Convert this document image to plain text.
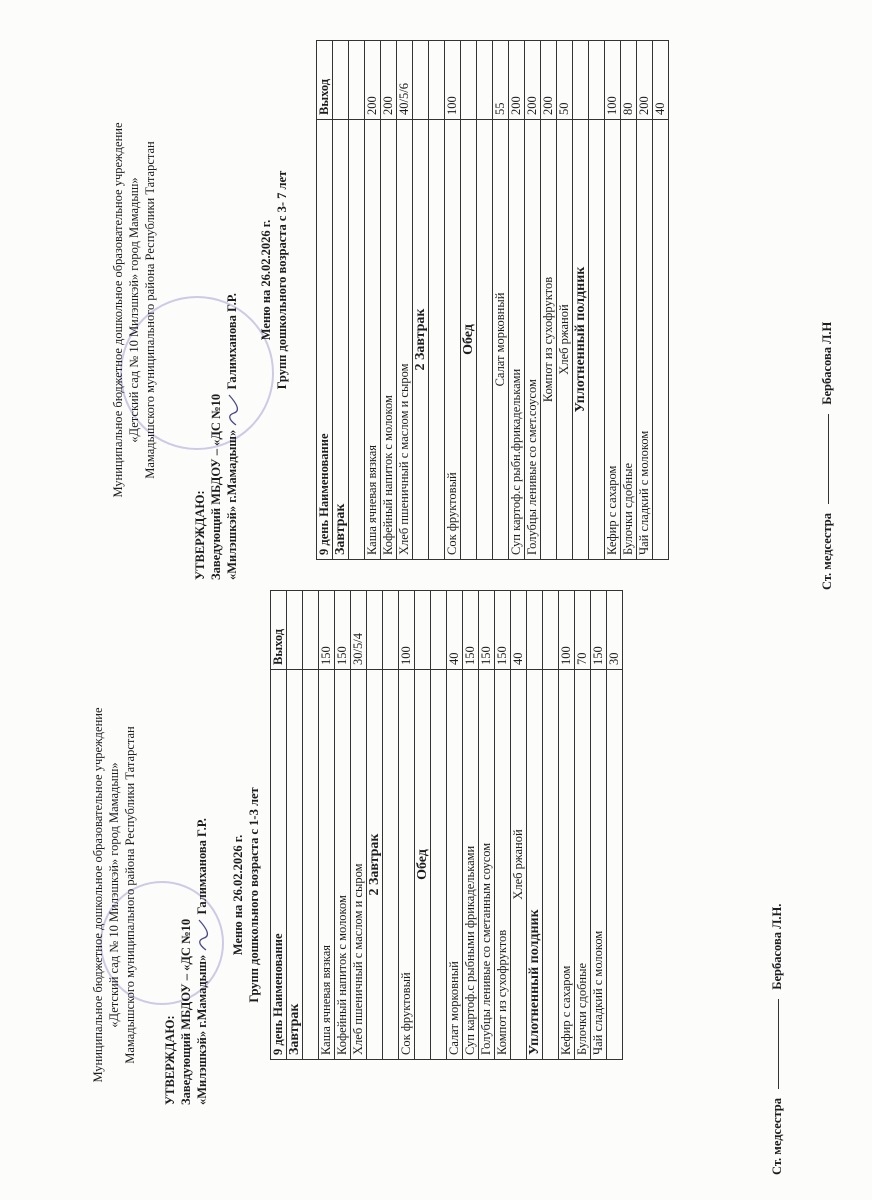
Муниципальное бюджетное дошкольное образовательное учреждение «Детский сад № 10 Милэшкэй» город Мамадыш» Мамадышского муниципального района Республики Татарстан УТВЕРЖДАЮ: Заведующий МБДОУ – «ДС №10 «Милэшкэй» г.Мамадыш»  Галимханова Г.Р. Меню на 26.02.2026 г. Групп дошкольного возраста с 1-3 лет 9 день Наименование	Выход
Завтрак	

Каша ячневая вязкая	150
Кофейный напиток с молоком	150
Хлеб пшеничный с маслом и сыром	30/5/4
2 Завтрак	

Сок фруктовый	100
Обед	

Салат морковный	40
Суп картоф.с рыбными фрикадельками	150
Голубцы ленивые со сметанным соусом	150
Компот из сухофруктов	150
Хлеб ржаной	40
Уплотненный полдник	

Кефир с сахаром	100
Булочки сдобные	70
Чай сладкий с молоком	150
	30
Ст. медсестра  Бербасова Л.Н.
Муниципальное бюджетное дошкольное образовательное учреждение «Детский сад № 10 Милэшкэй» город Мамадыш» Мамадышского муниципального района Республики Татарстан
УТВЕРЖДАЮ: Заведующий МБДОУ – «ДС №10 «Милэшкэй» г.Мамадыш»  Галимханова Г.Р.
Меню на 26.02.2026 г. Групп дошкольного возраста с 3- 7 лет
9 день Наименование	Выход
Завтрак	

Каша ячневая вязкая	200
Кофейный напиток с молоком	200
Хлеб пшеничный с маслом и сыром	40/5/6
2 Завтрак	

Сок фруктовый	100
Обед	

Салат морковный	55
Суп картоф.с рыбн.фрикадельками	200
Голубцы ленивые со смет.соусом	200
Компот из сухофруктов	200
Хлеб ржаной	50
Уплотненный полдник	

Кефир с сахаром	100
Булочки сдобные	80
Чай сладкий с молоком	200
	40
Ст. медсестра  Бербасова Л.Н
